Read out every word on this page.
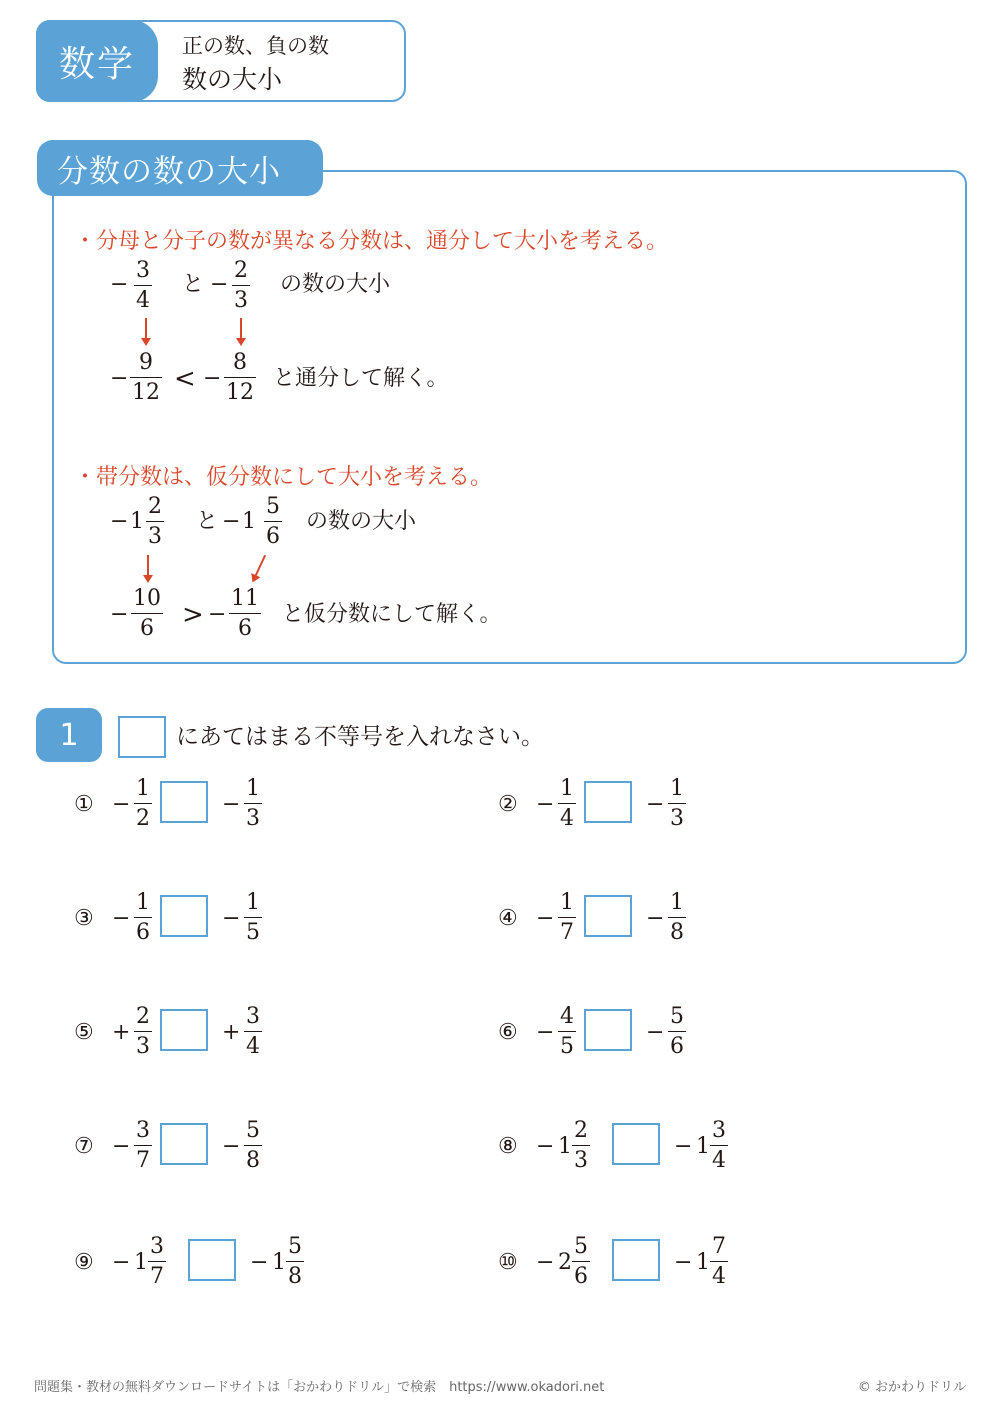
数学	正の数、負の数
数の大小
分数の数の大小
・分母と分子の数が異なる分数は、通分して大小を考える。
−
3
4
と −
2
3
の数の大小
−
9
12 < −
8
12
と通分して解く。
・帯分数は、仮分数にして大小を考える。
− 1
2
3
と − 1
5
6
の数の大小
−
10
6 > −
11
6
と仮分数にして解く。
1	にあてはまる不等号を入れなさい。
① −
1
2
−
1
3
② −
1
4
−
1
3
③ −
1
6
−
1
5
④ −
1
7
−
1
8
⑤ +
2
3
+
3
4
⑥ −
4
5
−
5
6
⑦ −
3
7
−
5
8
⑧ − 1
2
3
− 1
3
4
⑨ − 1
3
7
− 1
5
8
⑩ − 2
5
6
− 1
7
4
問題集・教材の無料ダウンロードサイトは「おかわりドリル」で検索　https://www.okadori.net	© おかわりドリル
